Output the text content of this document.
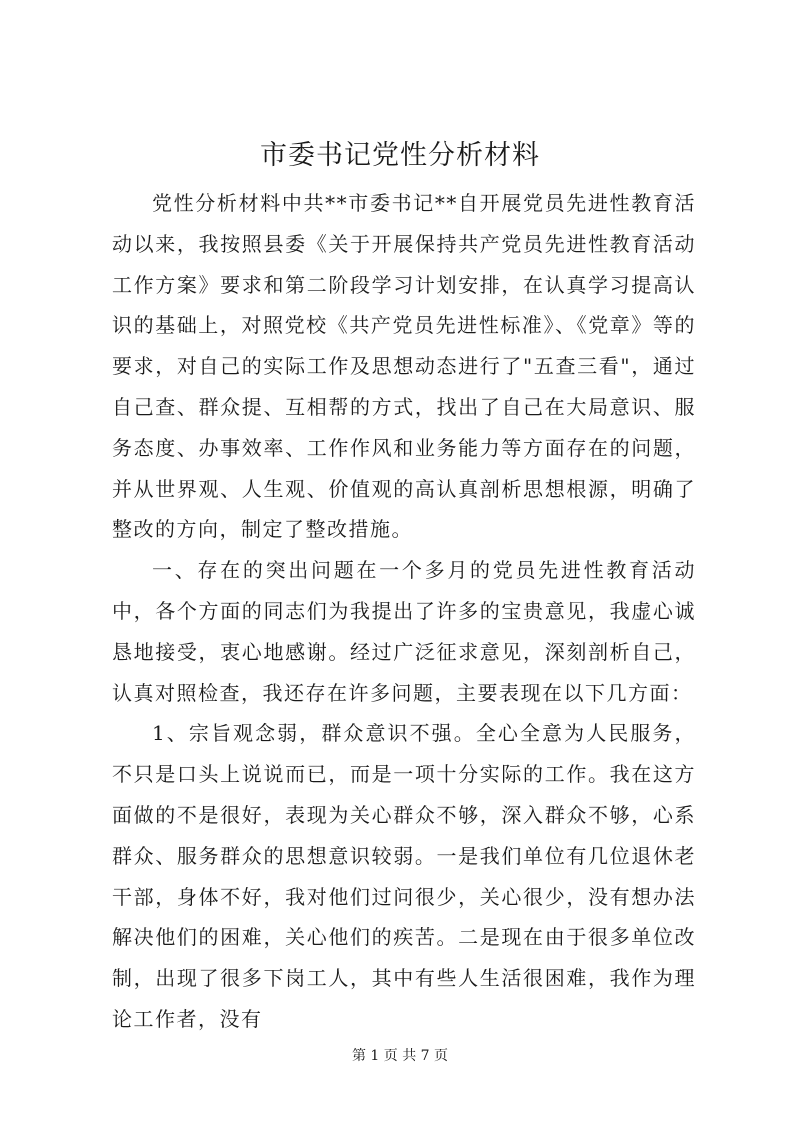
市委书记党性分析材料

党性分析材料中共**市委书记**自开展党员先进性教育活动以来，我按照县委《关于开展保持共产党员先进性教育活动工作方案》要求和第二阶段学习计划安排，在认真学习提高认识的基础上，对照党校《共产党员先进性标准》、《党章》等的要求，对自己的实际工作及思想动态进行了"五查三看"，通过自己查、群众提、互相帮的方式，找出了自己在大局意识、服务态度、办事效率、工作作风和业务能力等方面存在的问题，并从世界观、人生观、价值观的高认真剖析思想根源，明确了整改的方向，制定了整改措施。

一、存在的突出问题在一个多月的党员先进性教育活动中，各个方面的同志们为我提出了许多的宝贵意见，我虚心诚恳地接受，衷心地感谢。经过广泛征求意见，深刻剖析自己，认真对照检查，我还存在许多问题，主要表现在以下几方面：

1、宗旨观念弱，群众意识不强。全心全意为人民服务，不只是口头上说说而已，而是一项十分实际的工作。我在这方面做的不是很好，表现为关心群众不够，深入群众不够，心系群众、服务群众的思想意识较弱。一是我们单位有几位退休老干部，身体不好，我对他们过问很少，关心很少，没有想办法解决他们的困难，关心他们的疾苦。二是现在由于很多单位改制，出现了很多下岗工人，其中有些人生活很困难，我作为理论工作者，没有

第 1 页 共 7 页
